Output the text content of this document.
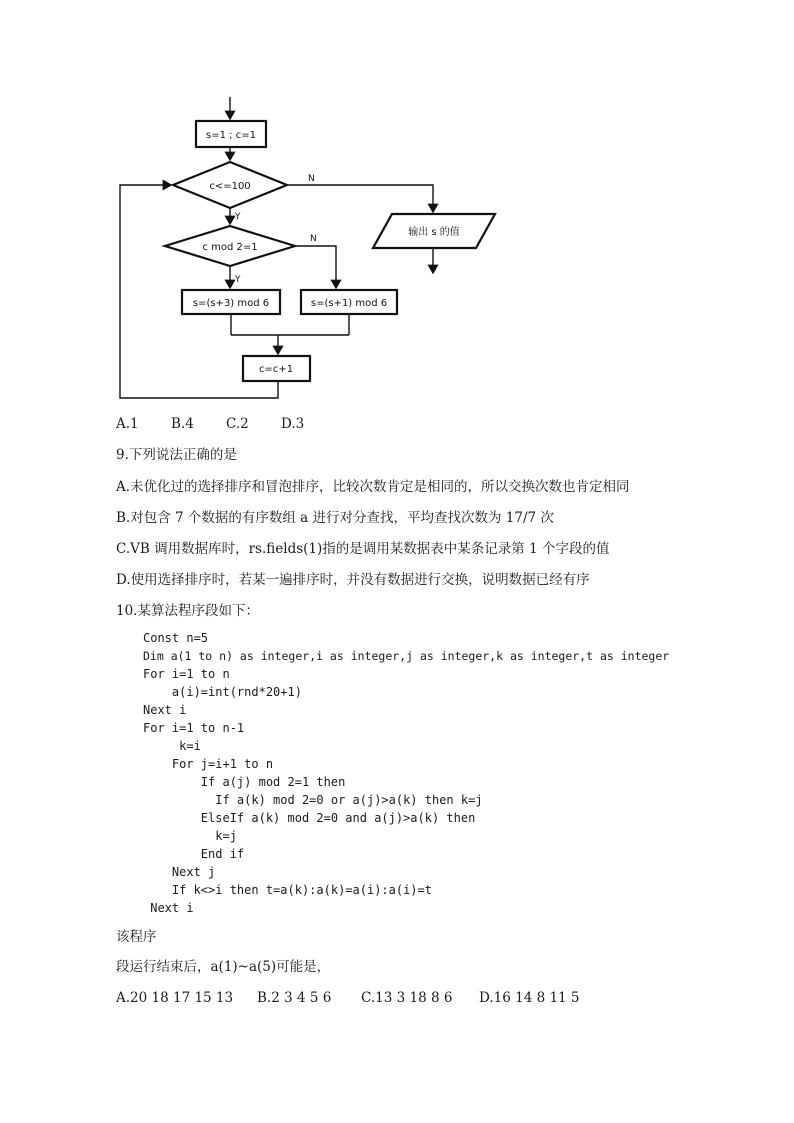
s=1 ; c=1
c<=100
N
Y
输出 s 的值
c mod 2=1
N
Y
s=(s+3) mod 6	s=(s+1) mod 6
c=c+1
A.1 B.4 C.2 D.3
9.下列说法正确的是
A.未优化过的选择排序和冒泡排序，比较次数肯定是相同的，所以交换次数也肯定相同
B.对包含 7 个数据的有序数组 a 进行对分查找，平均查找次数为 17/7 次
C.VB 调用数据库时，rs.fields(1)指的是调用某数据表中某条记录第 1 个字段的值
D.使用选择排序时，若某一遍排序时，并没有数据进行交换，说明数据已经有序
10.某算法程序段如下：
Const n=5
Dim a(1 to n) as integer,i as integer,j as integer,k as integer,t as integer
For i=1 to n
a(i)=int(rnd*20+1)
Next i
For i=1 to n-1
k=i
For j=i+1 to n
If a(j) mod 2=1 then
If a(k) mod 2=0 or a(j)>a(k) then k=j
ElseIf a(k) mod 2=0 and a(j)>a(k) then
k=j
End if
Next j
If k<>i then t=a(k):a(k)=a(i):a(i)=t
Next i
该程序
段运行结束后，a(1)~a(5)可能是，
A.20 18 17 15 13 B.2 3 4 5 6 C.13 3 18 8 6 D.16 14 8 11 5
